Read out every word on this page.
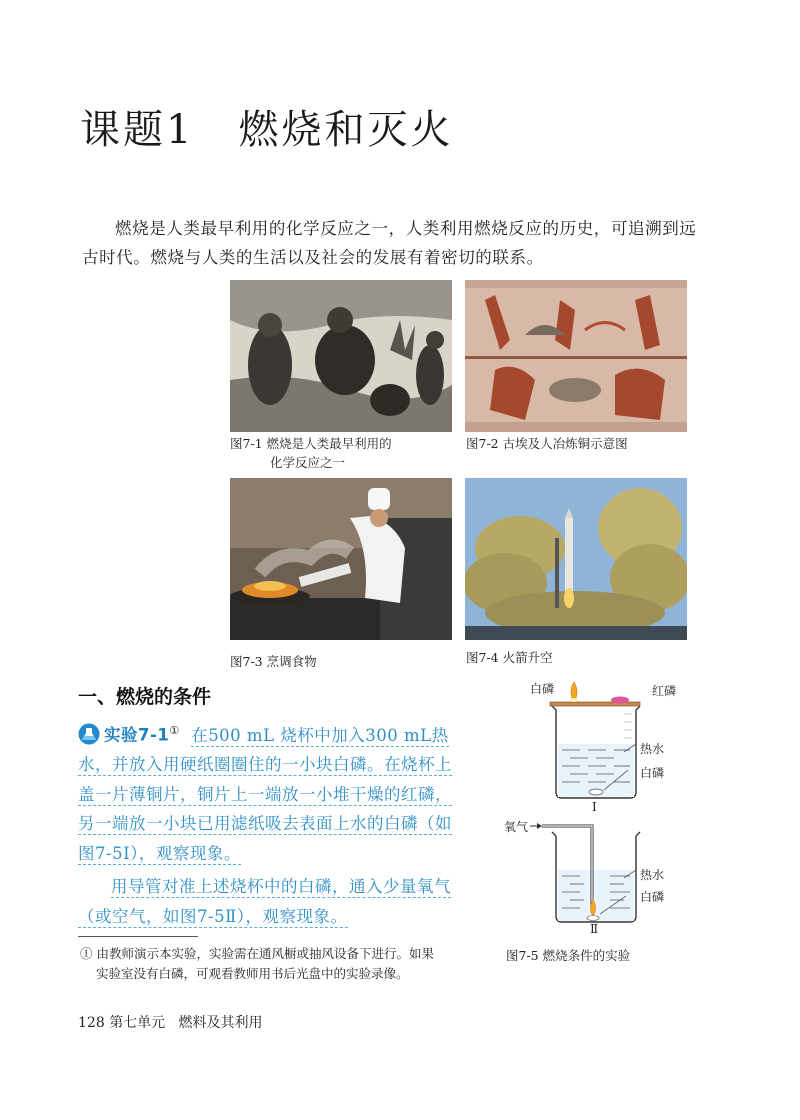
课题1 燃烧和灭火
燃烧是人类最早利用的化学反应之一，人类利用燃烧反应的历史，可追溯到远古时代。燃烧与人类的生活以及社会的发展有着密切的联系。
图7-1 燃烧是人类最早利用的
化学反应之一
图7-2 古埃及人冶炼铜示意图
图7-3 烹调食物	图7-4 火箭升空
一、燃烧的条件
实验7-1① 在500 mL 烧杯中加入300 mL热
水，并放入用硬纸圈圈住的一小块白磷。在烧杯上
盖一片薄铜片，铜片上一端放一小堆干燥的红磷，
另一端放一小块已用滤纸吸去表面上水的白磷（如
图7-5Ⅰ），观察现象。
用导管对准上述烧杯中的白磷，通入少量氧气
（或空气，如图7-5Ⅱ），观察现象。
白磷	红磷
热水
白磷
Ⅰ
氧气
热水
白磷
Ⅱ
图7-5 燃烧条件的实验
① 由教师演示本实验，实验需在通风橱或抽风设备下进行。如果
实验室没有白磷，可观看教师用书后光盘中的实验录像。
128 第七单元 燃料及其利用
